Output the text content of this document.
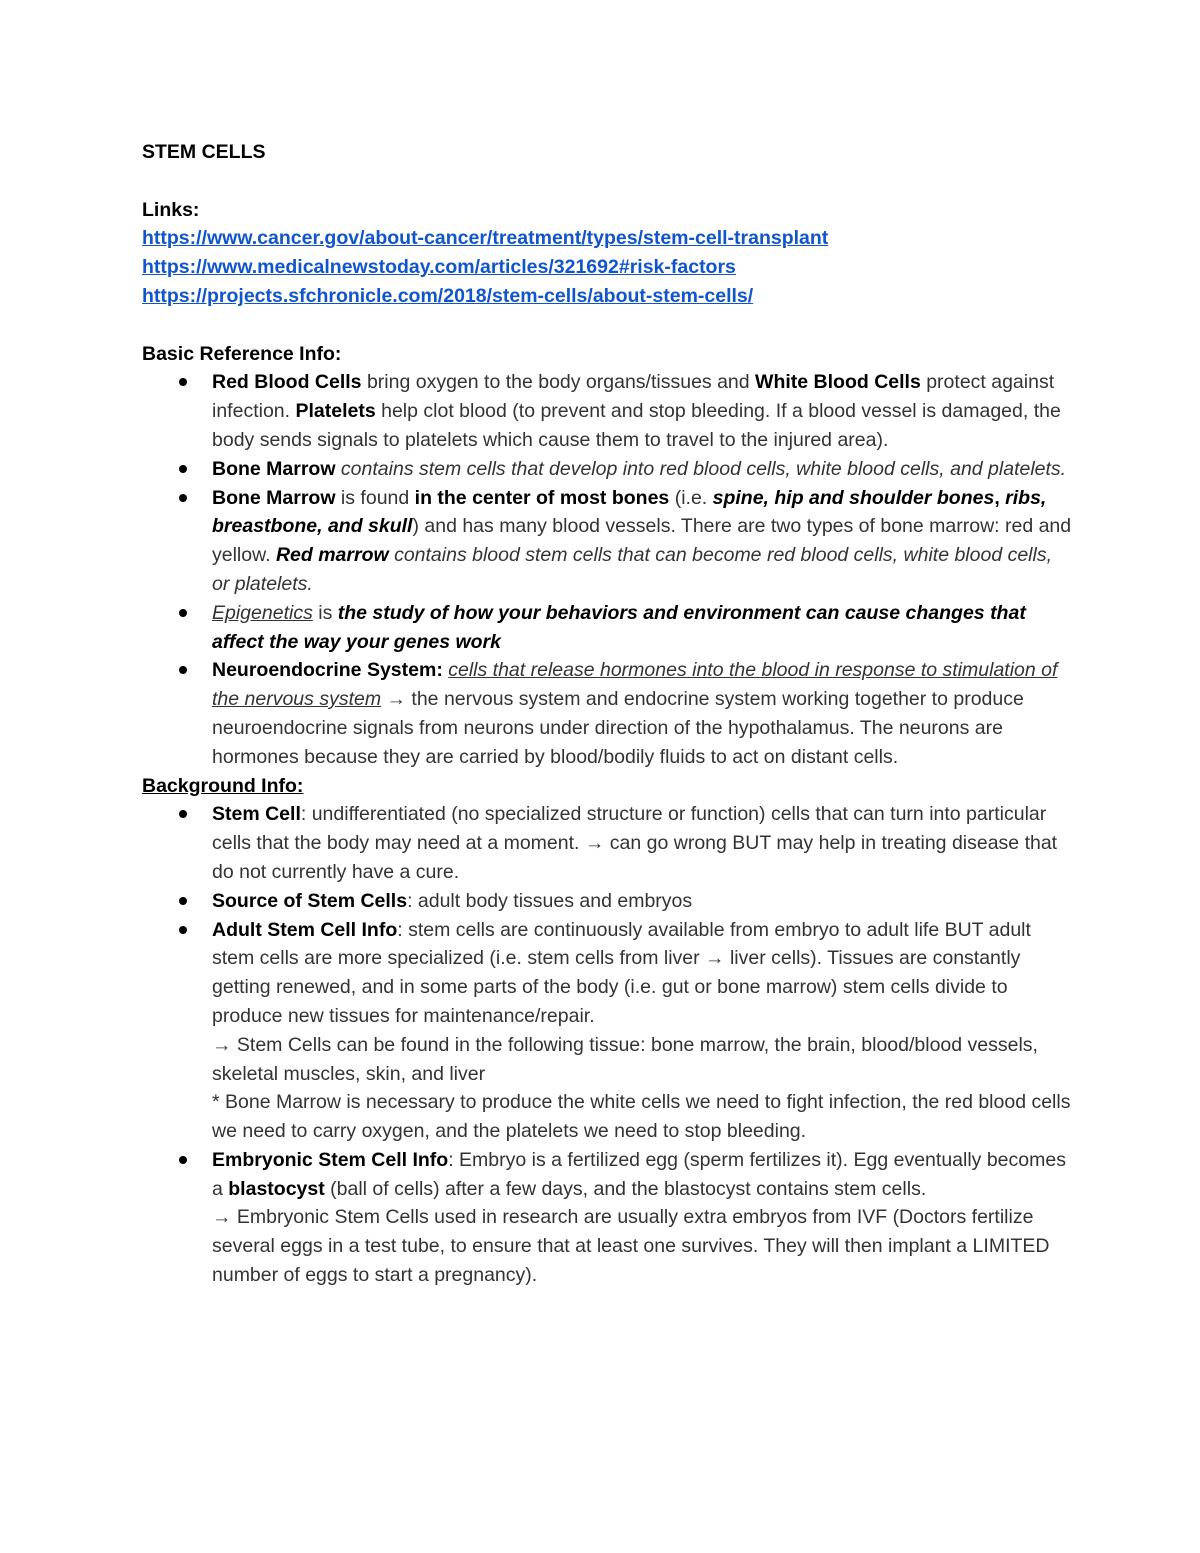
STEM CELLS
Links:
https://www.cancer.gov/about-cancer/treatment/types/stem-cell-transplant
https://www.medicalnewstoday.com/articles/321692#risk-factors
https://projects.sfchronicle.com/2018/stem-cells/about-stem-cells/
Basic Reference Info:
Red Blood Cells bring oxygen to the body organs/tissues and White Blood Cells protect against infection. Platelets help clot blood (to prevent and stop bleeding. If a blood vessel is damaged, the body sends signals to platelets which cause them to travel to the injured area).
Bone Marrow contains stem cells that develop into red blood cells, white blood cells, and platelets.
Bone Marrow is found in the center of most bones (i.e. spine, hip and shoulder bones, ribs, breastbone, and skull) and has many blood vessels. There are two types of bone marrow: red and yellow. Red marrow contains blood stem cells that can become red blood cells, white blood cells, or platelets.
Epigenetics is the study of how your behaviors and environment can cause changes that affect the way your genes work
Neuroendocrine System: cells that release hormones into the blood in response to stimulation of the nervous system → the nervous system and endocrine system working together to produce neuroendocrine signals from neurons under direction of the hypothalamus. The neurons are hormones because they are carried by blood/bodily fluids to act on distant cells.
Background Info:
Stem Cell: undifferentiated (no specialized structure or function) cells that can turn into particular cells that the body may need at a moment. → can go wrong BUT may help in treating disease that do not currently have a cure.
Source of Stem Cells: adult body tissues and embryos
Adult Stem Cell Info: stem cells are continuously available from embryo to adult life BUT adult stem cells are more specialized (i.e. stem cells from liver → liver cells). Tissues are constantly getting renewed, and in some parts of the body (i.e. gut or bone marrow) stem cells divide to produce new tissues for maintenance/repair.
→ Stem Cells can be found in the following tissue: bone marrow, the brain, blood/blood vessels, skeletal muscles, skin, and liver
* Bone Marrow is necessary to produce the white cells we need to fight infection, the red blood cells we need to carry oxygen, and the platelets we need to stop bleeding.
Embryonic Stem Cell Info: Embryo is a fertilized egg (sperm fertilizes it). Egg eventually becomes a blastocyst (ball of cells) after a few days, and the blastocyst contains stem cells.
→ Embryonic Stem Cells used in research are usually extra embryos from IVF (Doctors fertilize several eggs in a test tube, to ensure that at least one survives. They will then implant a LIMITED number of eggs to start a pregnancy).
